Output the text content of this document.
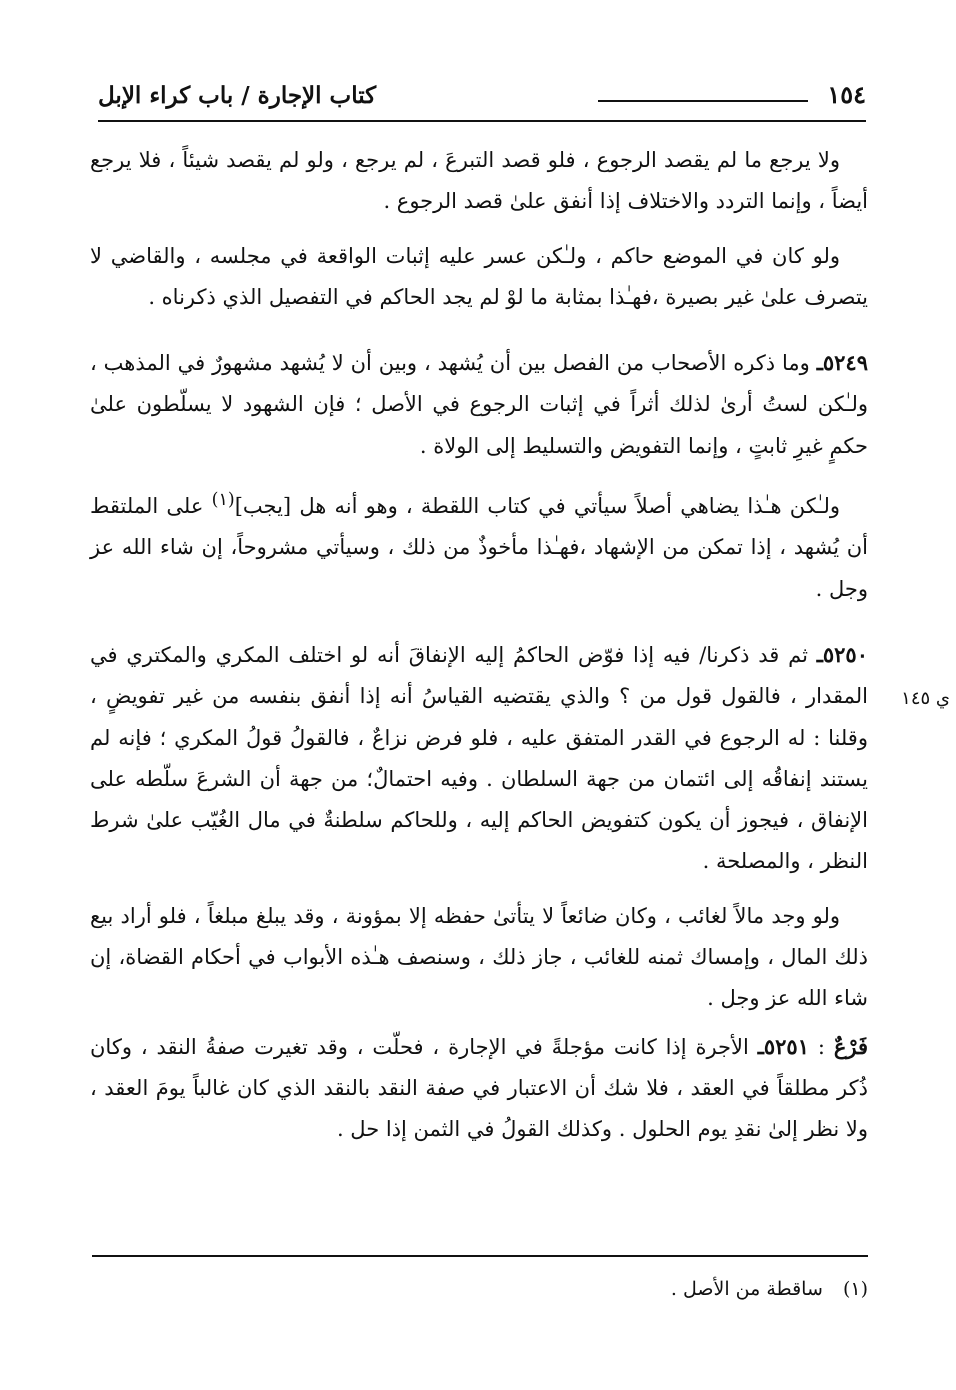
١٥٤
كتاب الإجارة / باب كراء الإبل
ي ١٤٥

ولا يرجع ما لم يقصد الرجوع ، فلو قصد التبرعَ ، لم يرجع ، ولو لم يقصد شيئاً ، فلا يرجع أيضاً ، وإنما التردد والاختلاف إذا أنفق علىٰ قصد الرجوع .

ولو كان في الموضع حاكم ، ولـٰكن عسر عليه إثبات الواقعة في مجلسه ، والقاضي لا يتصرف علىٰ غير بصيرة ،فهـٰذا بمثابة ما لوْ لم يجد الحاكم في التفصيل الذي ذكرناه .

٥٢٤٩ـ وما ذكره الأصحاب من الفصل بين أن يُشهد ، وبين أن لا يُشهد مشهورٌ في المذهب ، ولـٰكن لستُ أرىٰ لذلك أثراً في إثبات الرجوع في الأصل ؛ فإن الشهود لا يسلّطون علىٰ حكمٍ غيرِ ثابتٍ ، وإنما التفويض والتسليط إلى الولاة .

ولـٰكن هـٰذا يضاهي أصلاً سيأتي في كتاب اللقطة ، وهو أنه هل [يجب]$^{(١)}$ على الملتقط أن يُشهد ، إذا تمكن من الإشهاد ،فهـٰذا مأخوذٌ من ذلك ، وسيأتي مشروحاً، إن شاء الله عز وجل .

٥٢٥٠ـ ثم قد ذكرنا/ فيه إذا فوّض الحاكمُ إليه الإنفاقَ أنه لو اختلف المكري والمكتري في المقدار ، فالقول قول من ؟ والذي يقتضيه القياسُ أنه إذا أنفق بنفسه من غير تفويضٍ ، وقلنا : له الرجوع في القدر المتفق عليه ، فلو فرض نزاعٌ ، فالقولُ قولُ المكري ؛ فإنه لم يستند إنفاقُه إلى ائتمان من جهة السلطان . وفيه احتمالٌ؛ من جهة أن الشرعَ سلّطه على الإنفاق ، فيجوز أن يكون كتفويض الحاكم إليه ، وللحاكم سلطنةٌ في مال الغُيّب علىٰ شرط النظر ، والمصلحة .

ولو وجد مالاً لغائب ، وكان ضائعاً لا يتأتىٰ حفظه إلا بمؤونة ، وقد يبلغ مبلغاً ، فلو أراد بيع ذلك المال ، وإمساك ثمنه للغائب ، جاز ذلك ، وسنصف هـٰذه الأبواب في أحكام القضاة، إن شاء الله عز وجل .

فَرْعٌ : ٥٢٥١ـ الأجرة إذا كانت مؤجلةً في الإجارة ، فحلّت ، وقد تغيرت صفةُ النقد ، وكان ذُكر مطلقاً في العقد ، فلا شك أن الاعتبار في صفة النقد بالنقد الذي كان غالباً يومَ العقد ، ولا نظر إلىٰ نقدِ يوم الحلول . وكذلك القولُ في الثمن إذا حل .

(١) ساقطة من الأصل .
